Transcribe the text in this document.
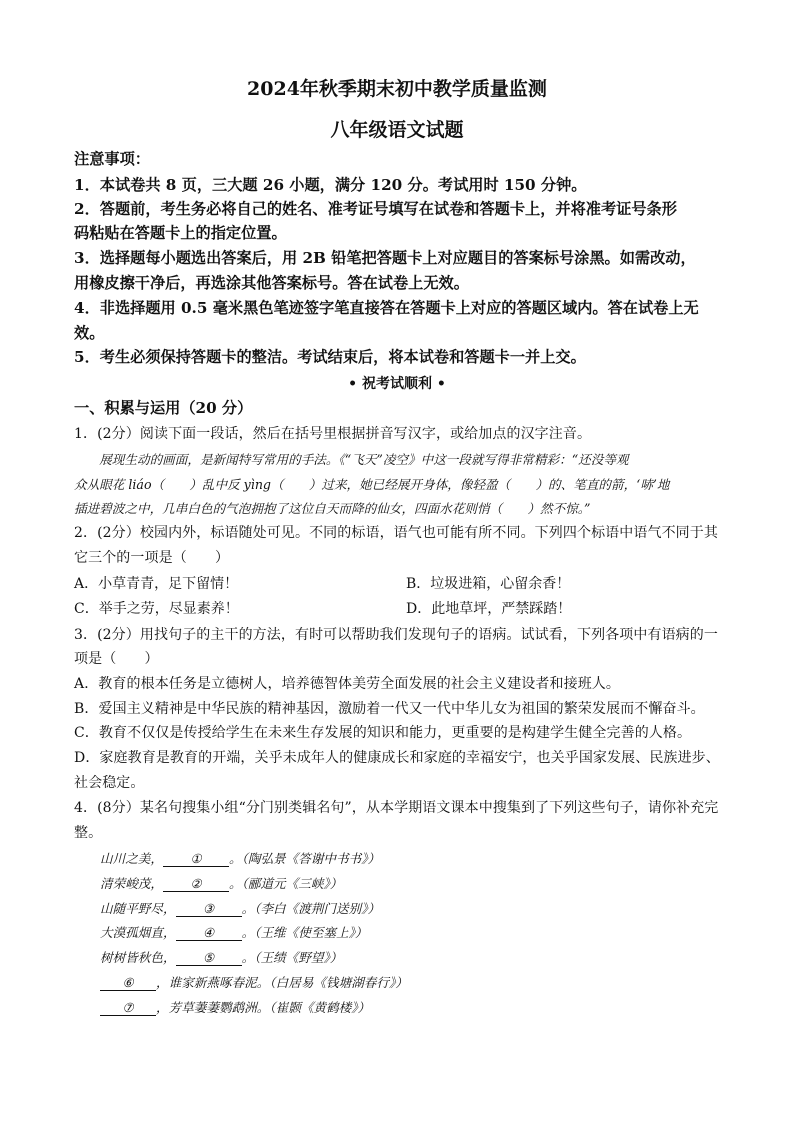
2024年秋季期末初中教学质量监测
八年级语文试题
注意事项：
1．本试卷共 8 页，三大题 26 小题，满分 120 分。考试用时 150 分钟。
2．答题前，考生务必将自己的姓名、准考证号填写在试卷和答题卡上，并将准考证号条形
码粘贴在答题卡上的指定位置。
3．选择题每小题选出答案后，用 2B 铅笔把答题卡上对应题目的答案标号涂黑。如需改动，
用橡皮擦干净后，再选涂其他答案标号。答在试卷上无效。
4．非选择题用 0.5 毫米黑色笔迹签字笔直接答在答题卡上对应的答题区域内。答在试卷上无
效。
5．考生必须保持答题卡的整洁。考试结束后，将本试卷和答题卡一并上交。
• 祝考试顺利 •
一、积累与运用（20 分）
1．(2分）阅读下面一段话，然后在括号里根据拼音写汉字，或给加点的汉字注音。
　　展现生动的画面，是新闻特写常用的手法。《“飞天”凌空》中这一段就写得非常精彩：“还没等观
众从眼花 liáo（　　）乱中反 yìng（　　）过来，她已经展开身体，像轻盈（　　）的、笔直的箭，‘哧’地
插进碧波之中，几串白色的气泡拥抱了这位自天而降的仙女，四面水花则悄（　　）然不惊。”
2．(2分）校园内外，标语随处可见。不同的标语，语气也可能有所不同。下列四个标语中语气不同于其
它三个的一项是（　　）
A．小草青青，足下留情！	B．垃圾进箱，心留余香！
C．举手之劳，尽显素养！	D．此地草坪，严禁踩踏！
3．(2分）用找句子的主干的方法，有时可以帮助我们发现句子的语病。试试看，下列各项中有语病的一
项是（　　）
A．教育的根本任务是立德树人，培养德智体美劳全面发展的社会主义建设者和接班人。
B．爱国主义精神是中华民族的精神基因，激励着一代又一代中华儿女为祖国的繁荣发展而不懈奋斗。
C．教育不仅仅是传授给学生在未来生存发展的知识和能力，更重要的是构建学生健全完善的人格。
D．家庭教育是教育的开端，关乎未成年人的健康成长和家庭的幸福安宁，也关乎国家发展、民族进步、
社会稳定。
4．(8分）某名句搜集小组“分门别类辑名句”，从本学期语文课本中搜集到了下列这些句子，请你补充完
整。
山川之美， ① 。（陶弘景《答谢中书书》）
清荣峻茂， ② 。（郦道元《三峡》）
山随平野尽， ③ 。（李白《渡荆门送别》）
大漠孤烟直， ④ 。（王维《使至塞上》）
树树皆秋色， ⑤ 。（王绩《野望》）
⑥ ，谁家新燕啄春泥。（白居易《钱塘湖春行》）
⑦ ，芳草萋萋鹦鹉洲。（崔颢《黄鹤楼》）
